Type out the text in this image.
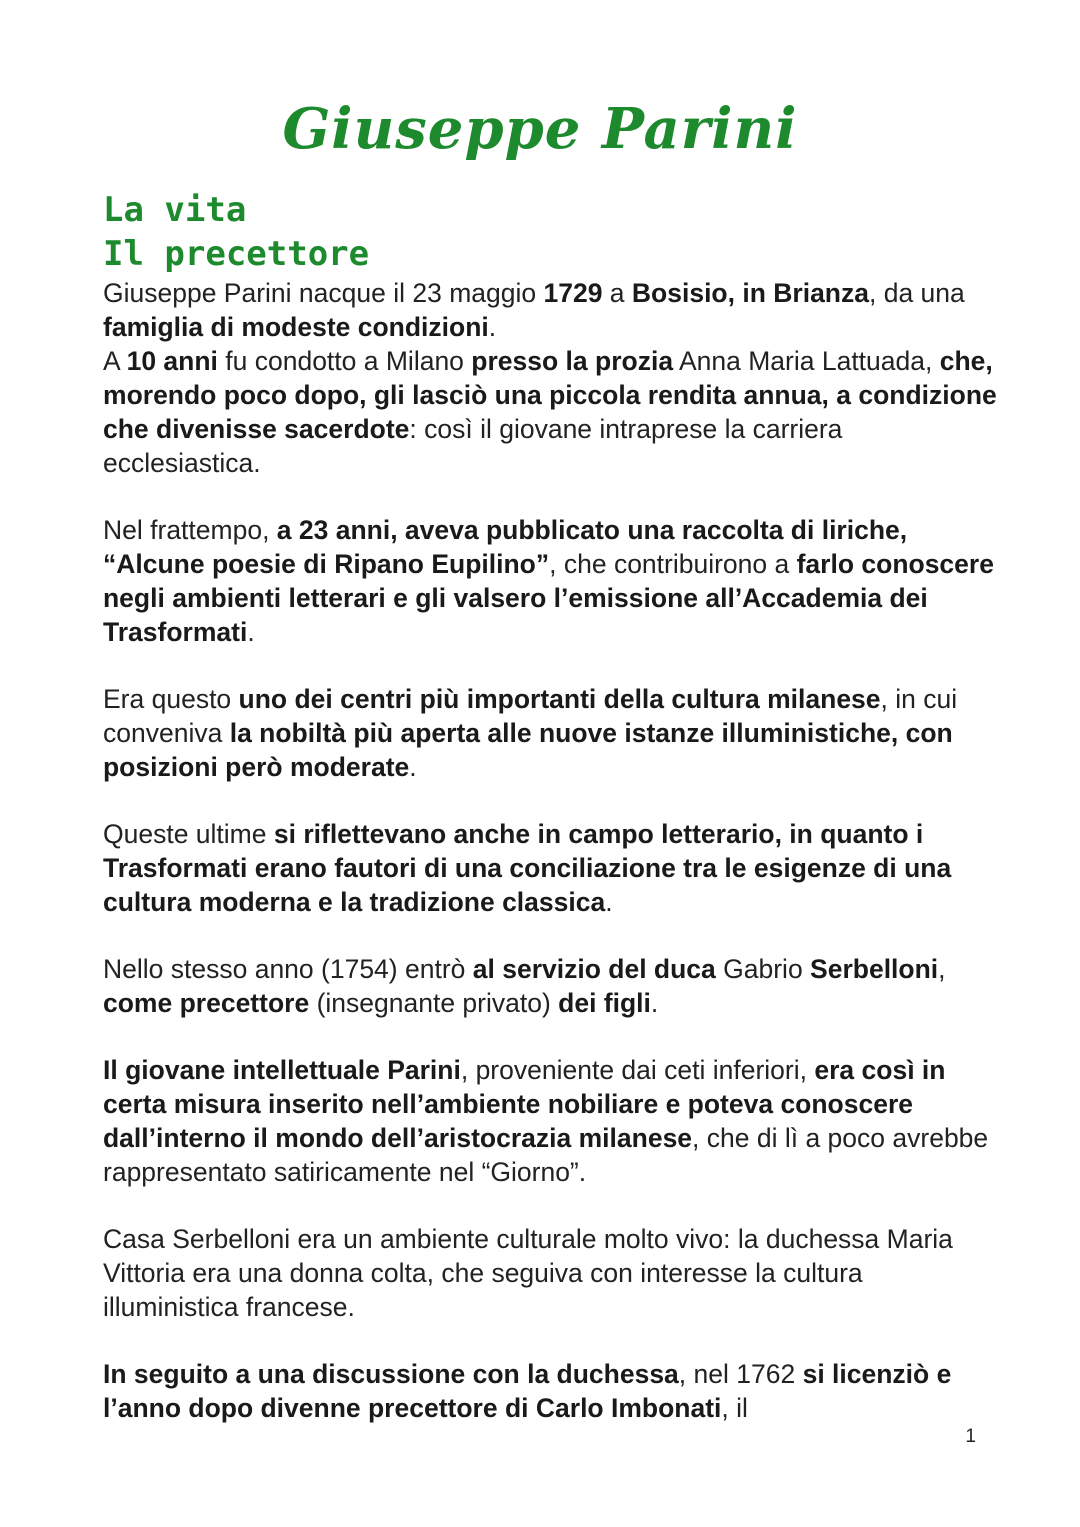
Giuseppe Parini
La vita
Il precettore

Giuseppe Parini nacque il 23 maggio 1729 a Bosisio, in Brianza, da una famiglia di modeste condizioni.
A 10 anni fu condotto a Milano presso la prozia Anna Maria Lattuada, che, morendo poco dopo, gli lasciò una piccola rendita annua, a condizione che divenisse sacerdote: così il giovane intraprese la carriera ecclesiastica.

Nel frattempo, a 23 anni, aveva pubblicato una raccolta di liriche, “Alcune poesie di Ripano Eupilino”, che contribuirono a farlo conoscere negli ambienti letterari e gli valsero l’emissione all’Accademia dei Trasformati.

Era questo uno dei centri più importanti della cultura milanese, in cui conveniva la nobiltà più aperta alle nuove istanze illuministiche, con posizioni però moderate.

Queste ultime si riflettevano anche in campo letterario, in quanto i Trasformati erano fautori di una conciliazione tra le esigenze di una cultura moderna e la tradizione classica.

Nello stesso anno (1754) entrò al servizio del duca Gabrio Serbelloni, come precettore (insegnante privato) dei figli.

Il giovane intellettuale Parini, proveniente dai ceti inferiori, era così in certa misura inserito nell’ambiente nobiliare e poteva conoscere dall’interno il mondo dell’aristocrazia milanese, che di lì a poco avrebbe rappresentato satiricamente nel “Giorno”.

Casa Serbelloni era un ambiente culturale molto vivo: la duchessa Maria Vittoria era una donna colta, che seguiva con interesse la cultura illuministica francese.

In seguito a una discussione con la duchessa, nel 1762 si licenziò e l’anno dopo divenne precettore di Carlo Imbonati, il

1
